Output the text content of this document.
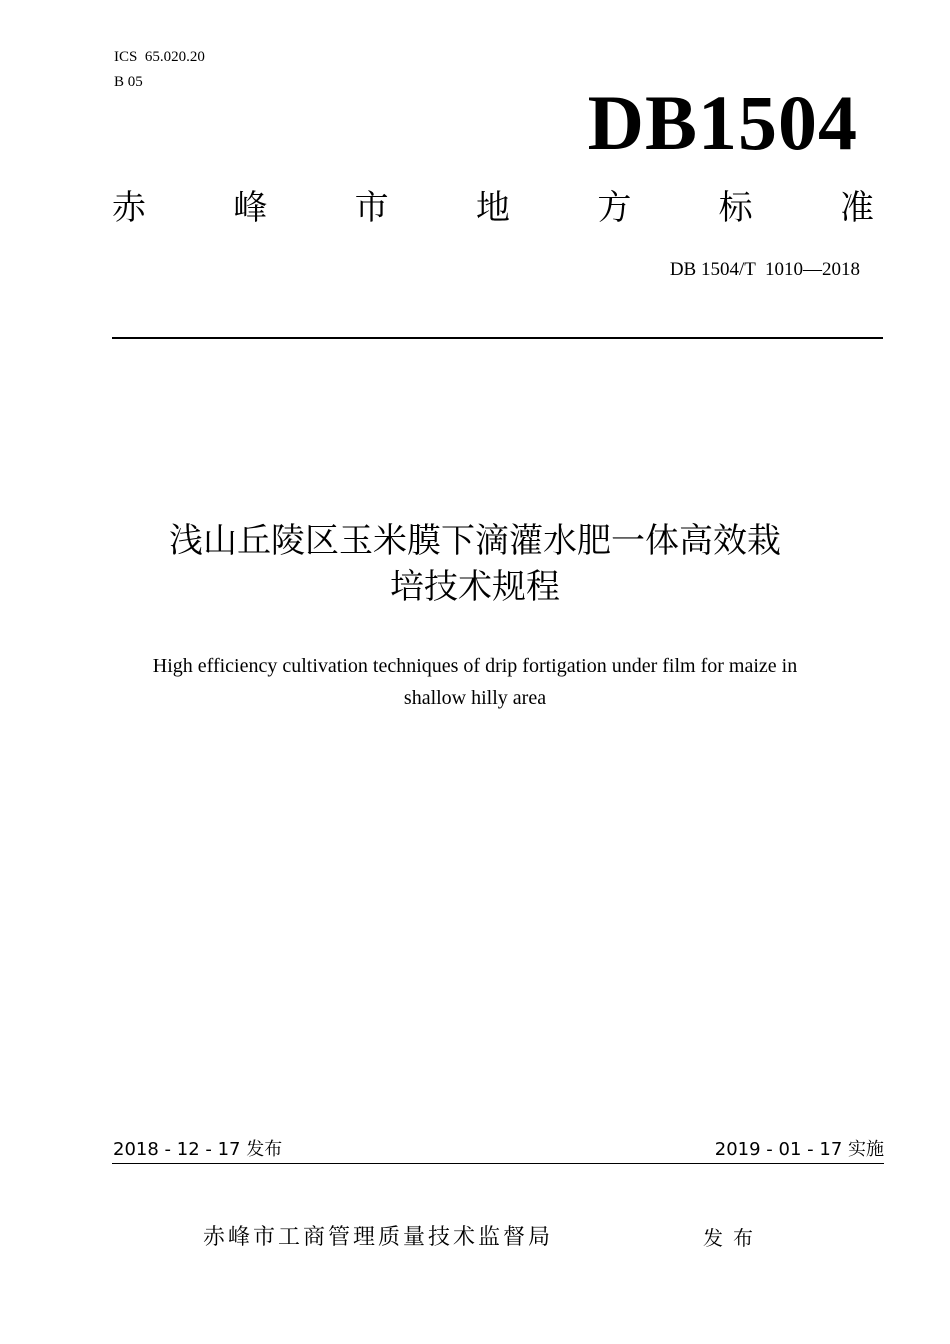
ICS  65.020.20
B 05	DB1504
赤	峰	市	地	方	标	准
DB 1504/T  1010—2018
浅山丘陵区玉米膜下滴灌水肥一体高效栽
培技术规程
High efficiency cultivation techniques of drip fortigation under film for maize in
shallow hilly area
2018 - 12 - 17 发布	2019 - 01 - 17 实施
赤峰市工商管理质量技术监督局	发布
